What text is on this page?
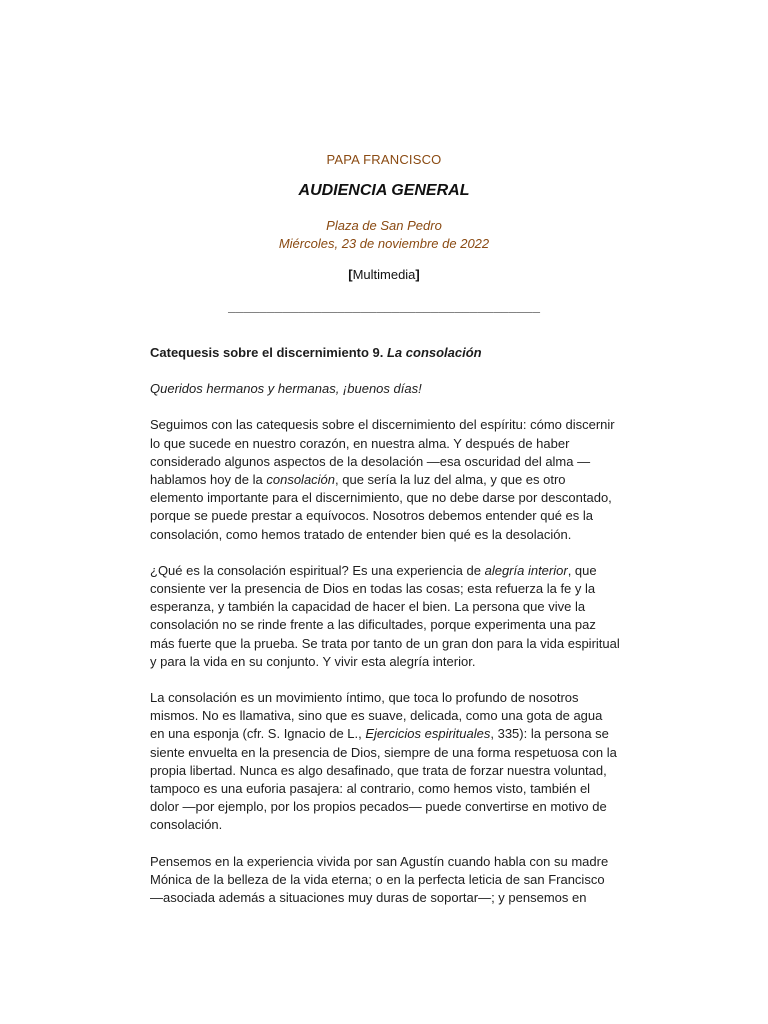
PAPA FRANCISCO
AUDIENCIA GENERAL
Plaza de San Pedro
Miércoles, 23 de noviembre de 2022
[Multimedia]
________________________________________

Catequesis sobre el discernimiento 9. La consolación

Queridos hermanos y hermanas, ¡buenos días!

Seguimos con las catequesis sobre el discernimiento del espíritu: cómo discernir lo que sucede en nuestro corazón, en nuestra alma. Y después de haber considerado algunos aspectos de la desolación —esa oscuridad del alma — hablamos hoy de la consolación, que sería la luz del alma, y que es otro elemento importante para el discernimiento, que no debe darse por descontado, porque se puede prestar a equívocos. Nosotros debemos entender qué es la consolación, como hemos tratado de entender bien qué es la desolación.

¿Qué es la consolación espiritual? Es una experiencia de alegría interior, que consiente ver la presencia de Dios en todas las cosas; esta refuerza la fe y la esperanza, y también la capacidad de hacer el bien. La persona que vive la consolación no se rinde frente a las dificultades, porque experimenta una paz más fuerte que la prueba. Se trata por tanto de un gran don para la vida espiritual y para la vida en su conjunto. Y vivir esta alegría interior.

La consolación es un movimiento íntimo, que toca lo profundo de nosotros mismos. No es llamativa, sino que es suave, delicada, como una gota de agua en una esponja (cfr. S. Ignacio de L., Ejercicios espirituales, 335): la persona se siente envuelta en la presencia de Dios, siempre de una forma respetuosa con la propia libertad. Nunca es algo desafinado, que trata de forzar nuestra voluntad, tampoco es una euforia pasajera: al contrario, como hemos visto, también el dolor —por ejemplo, por los propios pecados— puede convertirse en motivo de consolación.

Pensemos en la experiencia vivida por san Agustín cuando habla con su madre Mónica de la belleza de la vida eterna; o en la perfecta leticia de san Francisco —asociada además a situaciones muy duras de soportar—; y pensemos en
